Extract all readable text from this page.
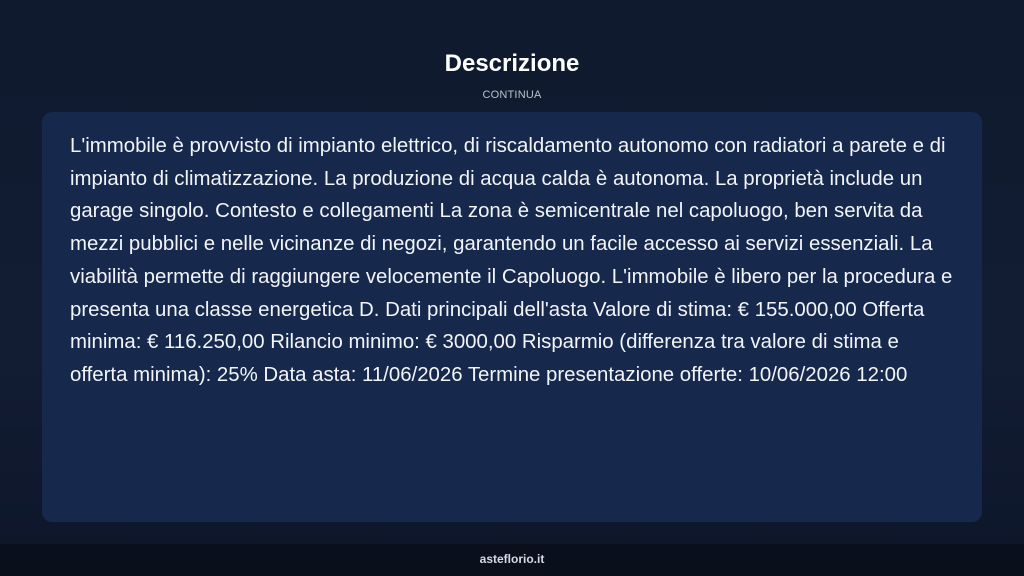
Descrizione
CONTINUA

L'immobile è provvisto di impianto elettrico, di riscaldamento autonomo con radiatori a parete e di impianto di climatizzazione. La produzione di acqua calda è autonoma. La proprietà include un garage singolo. Contesto e collegamenti La zona è semicentrale nel capoluogo, ben servita da mezzi pubblici e nelle vicinanze di negozi, garantendo un facile accesso ai servizi essenziali. La viabilità permette di raggiungere velocemente il Capoluogo. L'immobile è libero per la procedura e presenta una classe energetica D. Dati principali dell'asta Valore di stima: € 155.000,00 Offerta minima: € 116.250,00 Rilancio minimo: € 3000,00 Risparmio (differenza tra valore di stima e offerta minima): 25% Data asta: 11/06/2026 Termine presentazione offerte: 10/06/2026 12:00

asteflorio.it
